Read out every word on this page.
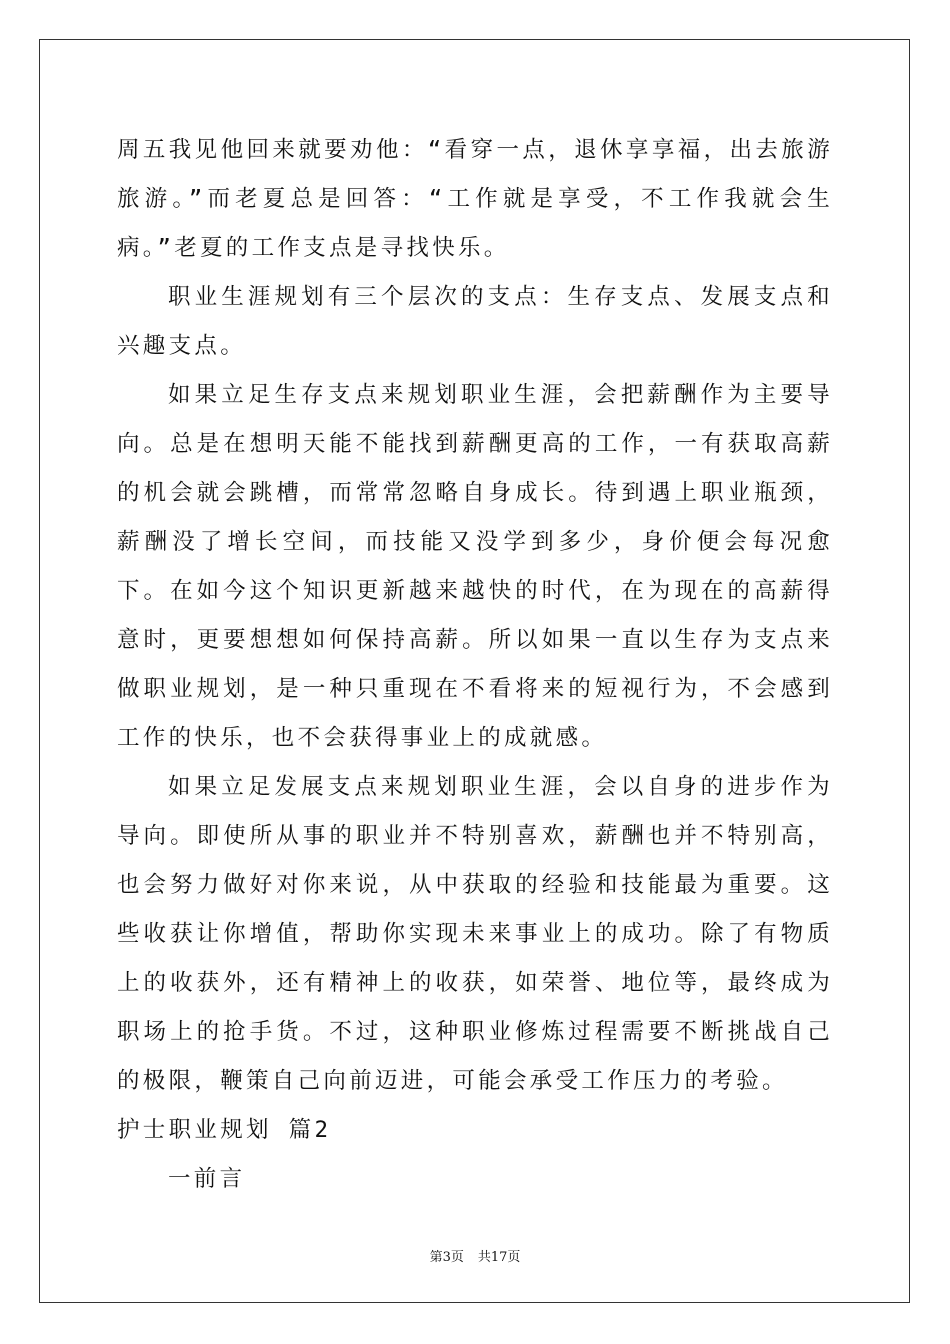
周五我见他回来就要劝他：“看穿一点，退休享享福，出去旅游旅游。”而老夏总是回答：“工作就是享受，不工作我就会生病。”老夏的工作支点是寻找快乐。

职业生涯规划有三个层次的支点：生存支点、发展支点和兴趣支点。

如果立足生存支点来规划职业生涯，会把薪酬作为主要导向。总是在想明天能不能找到薪酬更高的工作，一有获取高薪的机会就会跳槽，而常常忽略自身成长。待到遇上职业瓶颈，薪酬没了增长空间，而技能又没学到多少，身价便会每况愈下。在如今这个知识更新越来越快的时代，在为现在的高薪得意时，更要想想如何保持高薪。所以如果一直以生存为支点来做职业规划，是一种只重现在不看将来的短视行为，不会感到工作的快乐，也不会获得事业上的成就感。

如果立足发展支点来规划职业生涯，会以自身的进步作为导向。即使所从事的职业并不特别喜欢，薪酬也并不特别高，也会努力做好对你来说，从中获取的经验和技能最为重要。这些收获让你增值，帮助你实现未来事业上的成功。除了有物质上的收获外，还有精神上的收获，如荣誉、地位等，最终成为职场上的抢手货。不过，这种职业修炼过程需要不断挑战自己的极限，鞭策自己向前迈进，可能会承受工作压力的考验。

护士职业规划 篇2

一前言

第3页 共17页
